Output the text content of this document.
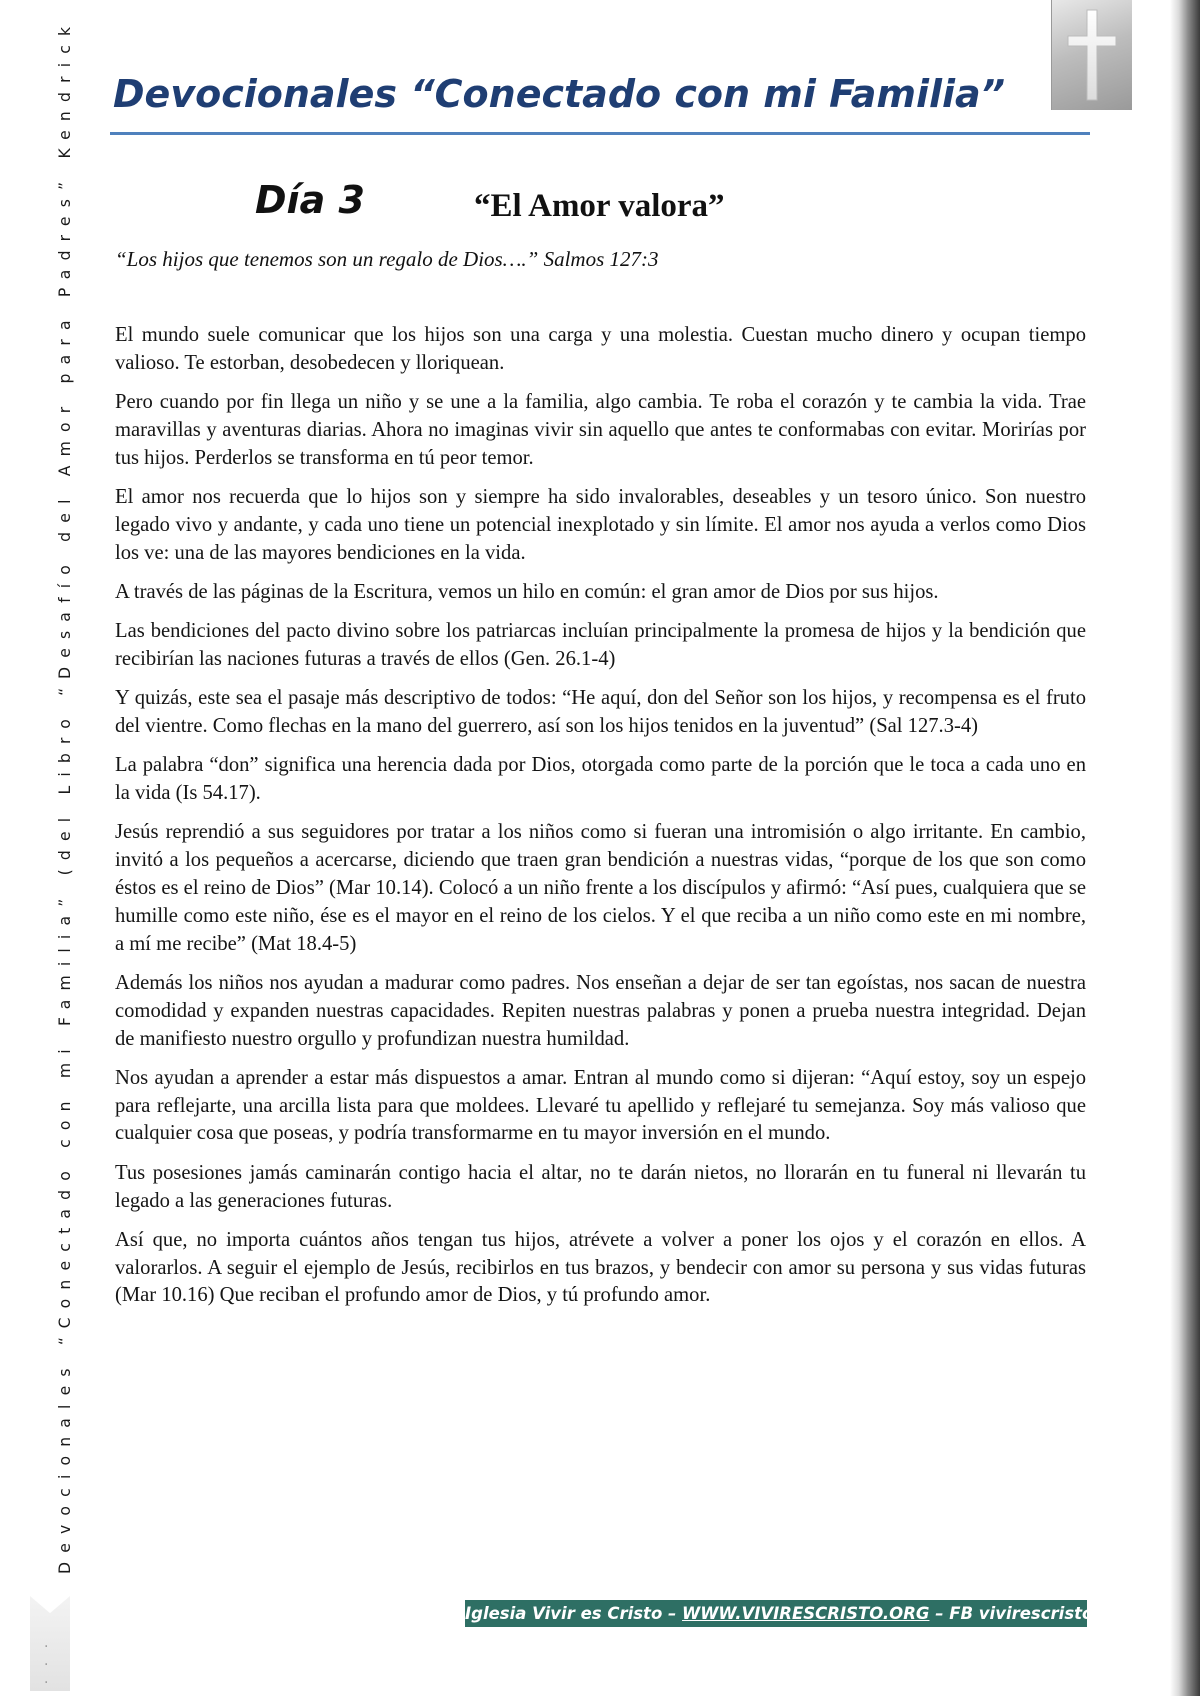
Devocionales “Conectado con mi Familia”
Devocionales “Conectado con mi Familia” (del Libro “Desafío del Amor para Padres” Kendrick
.
.
.
Día 3	“El Amor valora”
“Los hijos que tenemos son un regalo de Dios….” Salmos 127:3

El mundo suele comunicar que los hijos son una carga y una molestia. Cuestan mucho dinero y ocupan tiempo valioso. Te estorban, desobedecen y lloriquean.

Pero cuando por fin llega un niño y se une a la familia, algo cambia. Te roba el corazón y te cambia la vida. Trae maravillas y aventuras diarias. Ahora no imaginas vivir sin aquello que antes te conformabas con evitar. Morirías por tus hijos. Perderlos se transforma en tú peor temor.

El amor nos recuerda que lo hijos son y siempre ha sido invalorables, deseables y un tesoro único. Son nuestro legado vivo y andante, y cada uno tiene un potencial inexplotado y sin límite. El amor nos ayuda a verlos como Dios los ve: una de las mayores bendiciones en la vida.

A través de las páginas de la Escritura, vemos un hilo en común: el gran amor de Dios por sus hijos.

Las bendiciones del pacto divino sobre los patriarcas incluían principalmente la promesa de hijos y la bendición que recibirían las naciones futuras a través de ellos (Gen. 26.1-4)

Y quizás, este sea el pasaje más descriptivo de todos: “He aquí, don del Señor son los hijos, y recompensa es el fruto del vientre. Como flechas en la mano del guerrero, así son los hijos tenidos en la juventud” (Sal 127.3-4)

La palabra “don” significa una herencia dada por Dios, otorgada como parte de la porción que le toca a cada uno en la vida (Is 54.17).

Jesús reprendió a sus seguidores por tratar a los niños como si fueran una intromisión o algo irritante. En cambio, invitó a los pequeños a acercarse, diciendo que traen gran bendición a nuestras vidas, “porque de los que son como éstos es el reino de Dios” (Mar 10.14). Colocó a un niño frente a los discípulos y afirmó: “Así pues, cualquiera que se humille como este niño, ése es el mayor en el reino de los cielos. Y el que reciba a un niño como este en mi nombre, a mí me recibe” (Mat 18.4-5)

Además los niños nos ayudan a madurar como padres. Nos enseñan a dejar de ser tan egoístas, nos sacan de nuestra comodidad y expanden nuestras capacidades. Repiten nuestras palabras y ponen a prueba nuestra integridad. Dejan de manifiesto nuestro orgullo y profundizan nuestra humildad.

Nos ayudan a aprender a estar más dispuestos a amar. Entran al mundo como si dijeran: “Aquí estoy, soy un espejo para reflejarte, una arcilla lista para que moldees. Llevaré tu apellido y reflejaré tu semejanza. Soy más valioso que cualquier cosa que poseas, y podría transformarme en tu mayor inversión en el mundo.

Tus posesiones jamás caminarán contigo hacia el altar, no te darán nietos, no llorarán en tu funeral ni llevarán tu legado a las generaciones futuras.

Así que, no importa cuántos años tengan tus hijos, atrévete a volver a poner los ojos y el corazón en ellos. A valorarlos. A seguir el ejemplo de Jesús, recibirlos en tus brazos, y bendecir con amor su persona y sus vidas futuras (Mar 10.16) Que reciban el profundo amor de Dios, y tú profundo amor.

Iglesia Vivir es Cristo – WWW.VIVIRESCRISTO.ORG – FB vivirescristo
